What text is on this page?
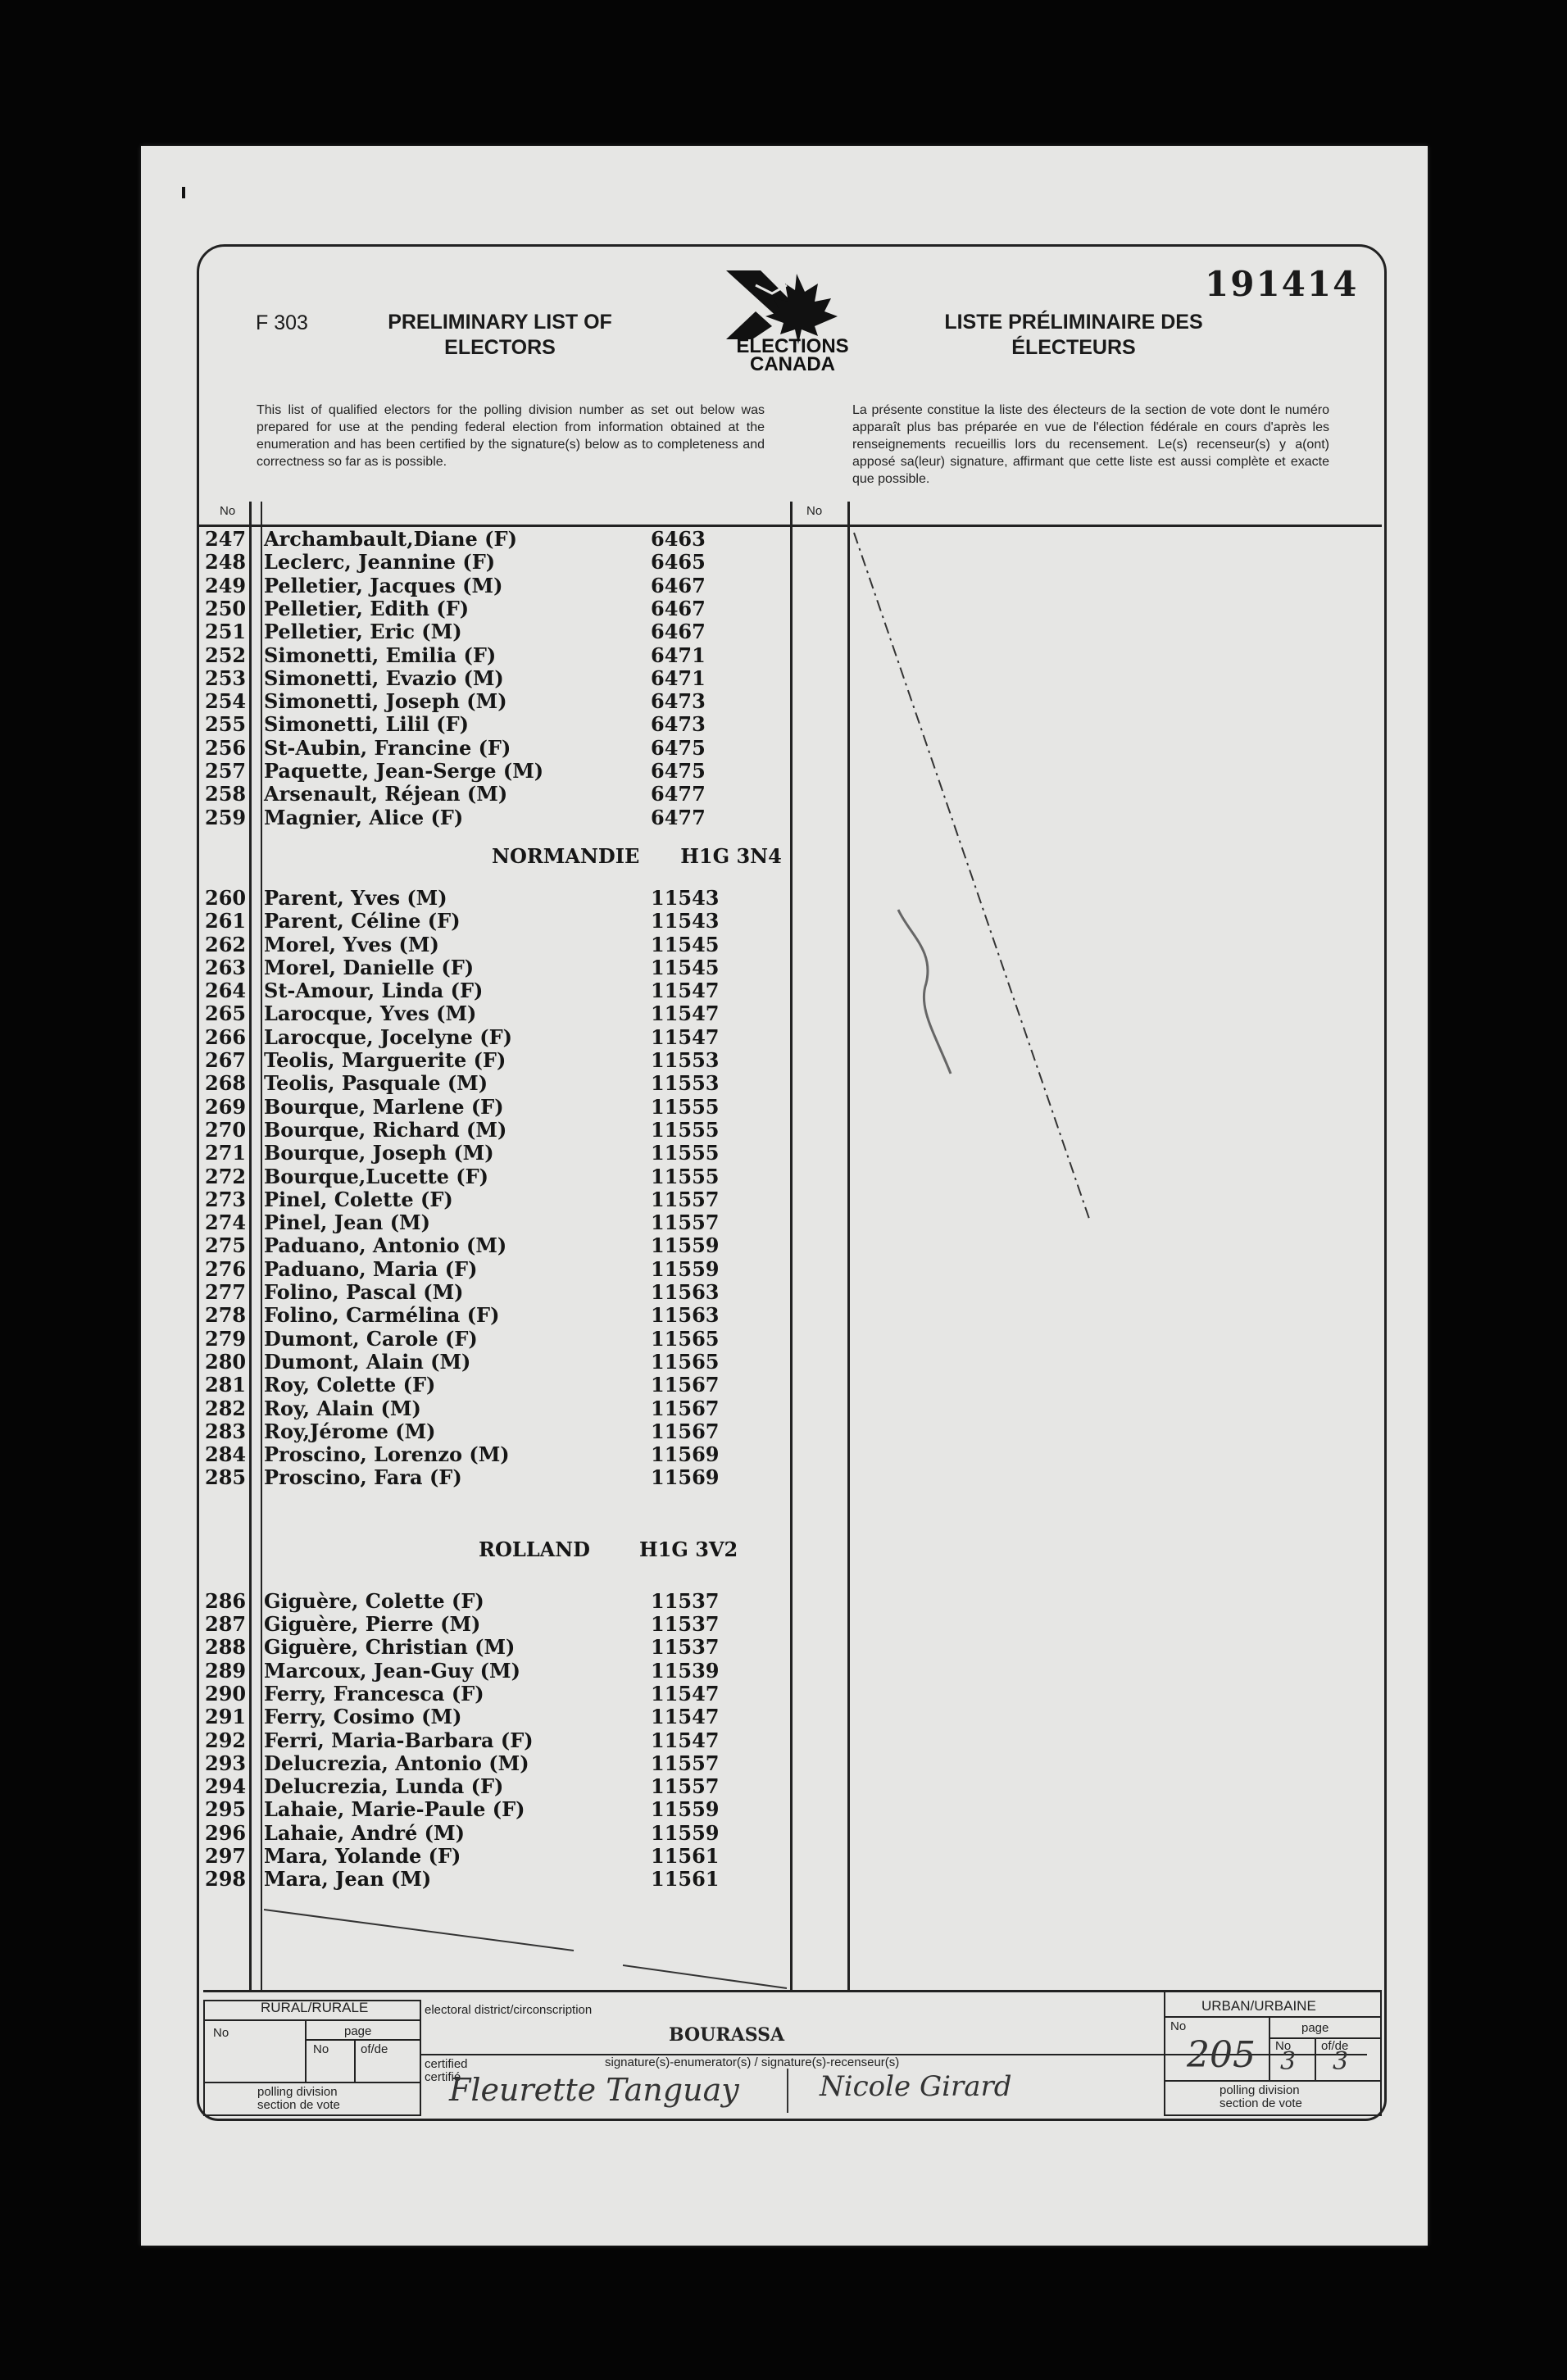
F 303	PRELIMINARY LIST OF ELECTORS
LISTE PRÉLIMINAIRE DES ÉLECTEURS
191414
ELECTIONS
CANADA
This list of qualified electors for the polling division number as set out below was prepared for use at the pending federal election from information obtained at the enumeration and has been certified by the signature(s) below as to completeness and correctness so far as is possible.
La présente constitue la liste des électeurs de la section de vote dont le numéro apparaît plus bas préparée en vue de l'élection fédérale en cours d'après les renseignements recueillis lors du recensement. Le(s) recenseur(s) y a(ont) apposé sa(leur) signature, affirmant que cette liste est aussi complète et exacte que possible.
No	No
247 Archambault,Diane (F)	6463
248 Leclerc, Jeannine (F)	6465
249 Pelletier, Jacques (M)	6467
250 Pelletier, Edith (F)	6467
251 Pelletier, Eric (M)	6467
252 Simonetti, Emilia (F)	6471
253 Simonetti, Evazio (M)	6471
254 Simonetti, Joseph (M)	6473
255 Simonetti, Lilil (F)	6473
256 St-Aubin, Francine (F)	6475
257 Paquette, Jean-Serge (M)	6475
258 Arsenault, Réjean (M)	6477
259 Magnier, Alice (F)	6477
NORMANDIE H1G 3N4
260 Parent, Yves (M)	11543
261 Parent, Céline (F)	11543
262 Morel, Yves (M)	11545
263 Morel, Danielle (F)	11545
264 St-Amour, Linda (F)	11547
265 Larocque, Yves (M)	11547
266 Larocque, Jocelyne (F)	11547
267 Teolis, Marguerite (F)	11553
268 Teolis, Pasquale (M)	11553
269 Bourque, Marlene (F)	11555
270 Bourque, Richard (M)	11555
271 Bourque, Joseph (M)	11555
272 Bourque,Lucette (F)	11555
273 Pinel, Colette (F)	11557
274 Pinel, Jean (M)	11557
275 Paduano, Antonio (M)	11559
276 Paduano, Maria (F)	11559
277 Folino, Pascal (M)	11563
278 Folino, Carmélina (F)	11563
279 Dumont, Carole (F)	11565
280 Dumont, Alain (M)	11565
281 Roy, Colette (F)	11567
282 Roy, Alain (M)	11567
283 Roy,Jérome (M)	11567
284 Proscino, Lorenzo (M)	11569
285 Proscino, Fara (F)	11569
ROLLAND	H1G 3V2
286 Giguère, Colette (F)	11537
287 Giguère, Pierre (M)	11537
288 Giguère, Christian (M)	11537
289 Marcoux, Jean-Guy (M)	11539
290 Ferry, Francesca (F)	11547
291 Ferry, Cosimo (M)	11547
292 Ferri, Maria-Barbara (F)	11547
293 Delucrezia, Antonio (M)	11557
294 Delucrezia, Lunda (F)	11557
295 Lahaie, Marie-Paule (F)	11559
296 Lahaie, André (M)	11559
297 Mara, Yolande (F)	11561
298 Mara, Jean (M)	11561
RURAL/RURALE
No	page
No	of/de
polling division
section de vote
electoral district/circonscription
BOURASSA
certified
certifié
signature(s)-enumerator(s) / signature(s)-recenseur(s)
Fleurette Tanguay	Nicole Girard
URBAN/URBAINE
No
205
page
No
3
of/de
3
polling division
section de vote
